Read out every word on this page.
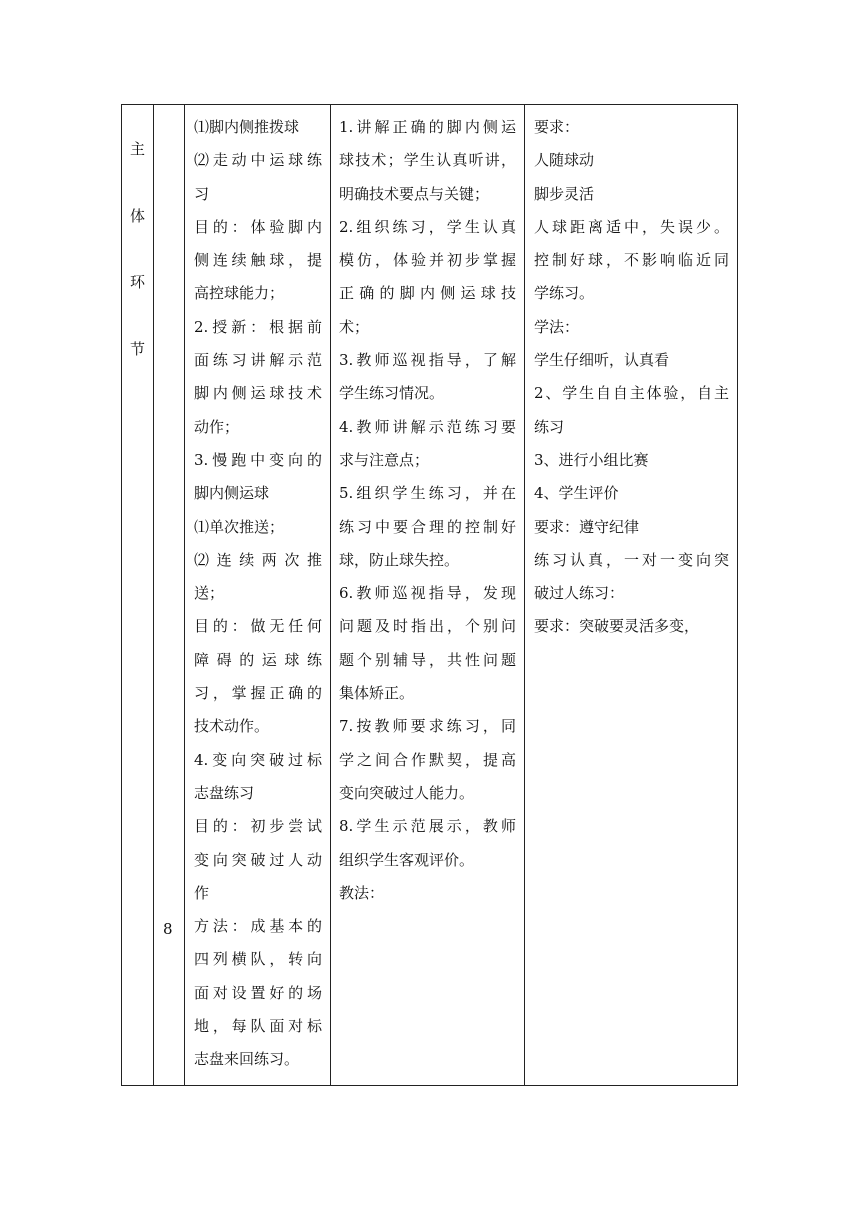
主
体
环
节

8

⑴脚内侧推拨球
⑵走动中运球练
习
目的：体验脚内
侧连续触球，提
高控球能力；
2.授新：根据前
面练习讲解示范
脚内侧运球技术
动作；
3.慢跑中变向的
脚内侧运球
⑴单次推送；
⑵连续两次推
送；
目的：做无任何
障碍的运球练
习，掌握正确的
技术动作。
4.变向突破过标
志盘练习
目的：初步尝试
变向突破过人动
作
方法：成基本的
四列横队，转向
面对设置好的场
地，每队面对标
志盘来回练习。

1.讲解正确的脚内侧运
球技术；学生认真听讲，
明确技术要点与关键；
2.组织练习，学生认真
模仿，体验并初步掌握
正确的脚内侧运球技
术；
3.教师巡视指导，了解
学生练习情况。
4.教师讲解示范练习要
求与注意点；
5.组织学生练习，并在
练习中要合理的控制好
球，防止球失控。
6.教师巡视指导，发现
问题及时指出，个别问
题个别辅导，共性问题
集体矫正。
7.按教师要求练习，同
学之间合作默契，提高
变向突破过人能力。
8.学生示范展示，教师
组织学生客观评价。
教法：

要求：
人随球动
脚步灵活
人球距离适中，失误少。
控制好球，不影响临近同
学练习。
学法：
学生仔细听，认真看
2、学生自自主体验，自主
练习
3、进行小组比赛
4、学生评价
要求：遵守纪律
练习认真，一对一变向突
破过人练习：
要求：突破要灵活多变，
